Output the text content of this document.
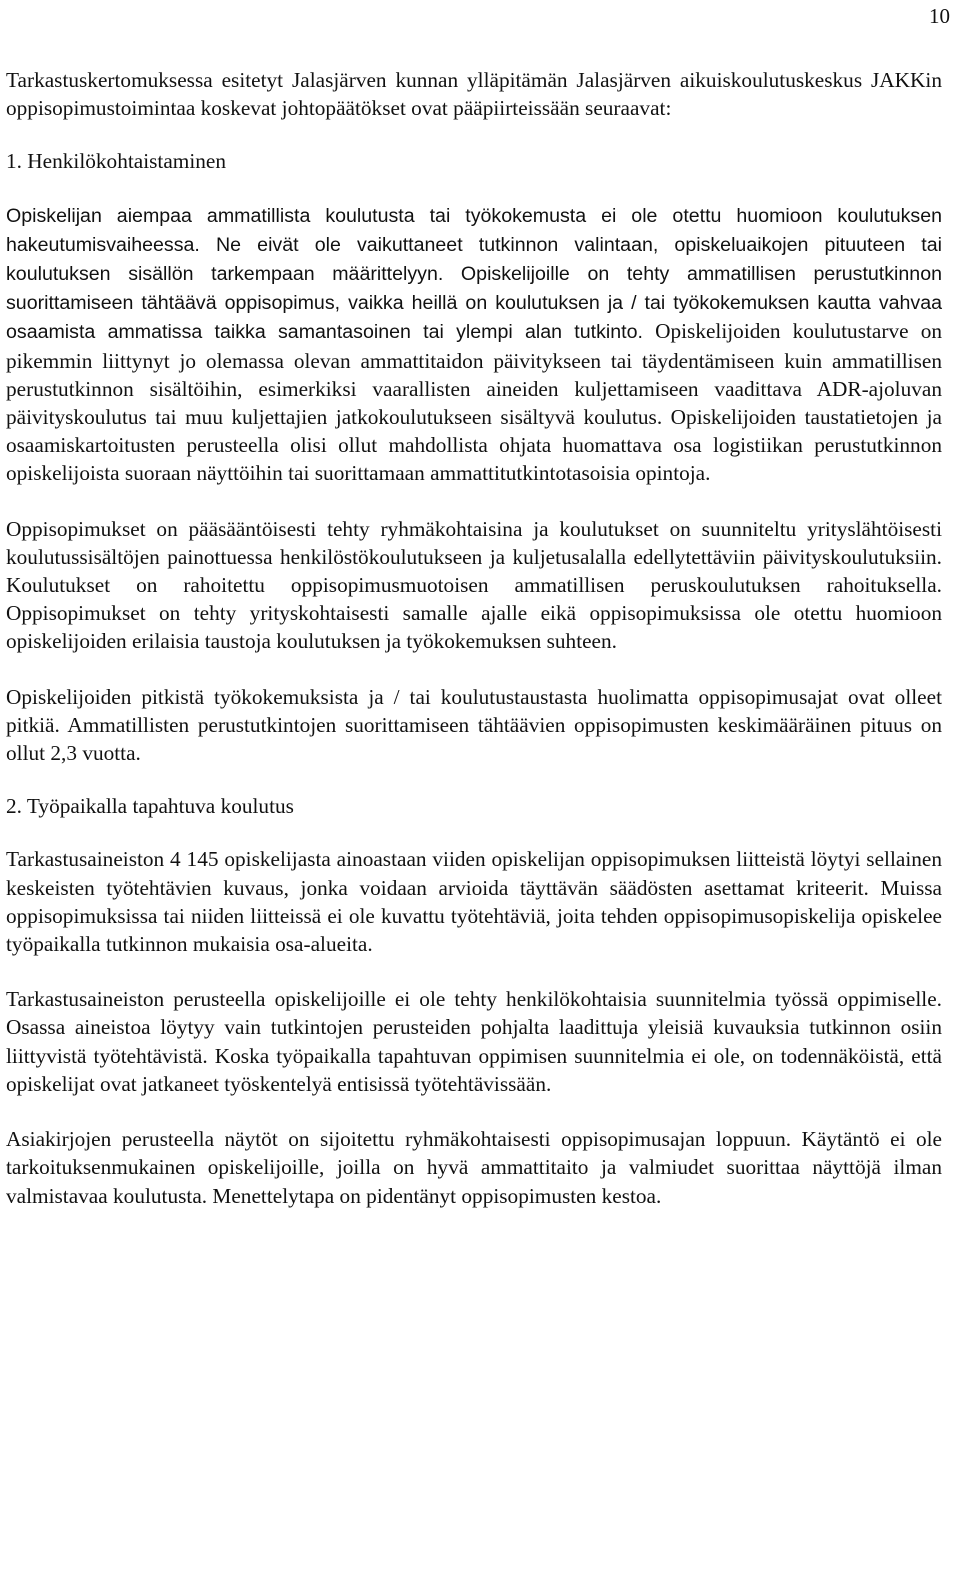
10

Tarkastuskertomuksessa esitetyt Jalasjärven kunnan ylläpitämän Jalasjärven aikuiskoulutuskeskus JAKKin oppisopimustoimintaa koskevat johtopäätökset ovat pääpiirteissään seuraavat:

1. Henkilökohtaistaminen

Opiskelijan aiempaa ammatillista koulutusta tai työkokemusta ei ole otettu huomioon koulutuksen hakeutumisvaiheessa. Ne eivät ole vaikuttaneet tutkinnon valintaan, opiskeluaikojen pituuteen tai koulutuksen sisällön tarkempaan määrittelyyn. Opiskelijoille on tehty ammatillisen perustutkinnon suorittamiseen tähtäävä oppisopimus, vaikka heillä on koulutuksen ja / tai työkokemuksen kautta vahvaa osaamista ammatissa taikka samantasoinen tai ylempi alan tutkinto. Opiskelijoiden koulutustarve on pikemmin liittynyt jo olemassa olevan ammattitaidon päivitykseen tai täydentämiseen kuin ammatillisen perustutkinnon sisältöihin, esimerkiksi vaarallisten aineiden kuljettamiseen vaadittava ADR-ajoluvan päivityskoulutus tai muu kuljettajien jatkokoulutukseen sisältyvä koulutus. Opiskelijoiden taustatietojen ja osaamiskartoitusten perusteella olisi ollut mahdollista ohjata huomattava osa logistiikan perustutkinnon opiskelijoista suoraan näyttöihin tai suorittamaan ammattitutkintotasoisia opintoja.

Oppisopimukset on pääsääntöisesti tehty ryhmäkohtaisina ja koulutukset on suunniteltu yrityslähtöisesti koulutussisältöjen painottuessa henkilöstökoulutukseen ja kuljetusalalla edellytettäviin päivityskoulutuksiin. Koulutukset on rahoitettu oppisopimusmuotoisen ammatillisen peruskoulutuksen rahoituksella. Oppisopimukset on tehty yrityskohtaisesti samalle ajalle eikä oppisopimuksissa ole otettu huomioon opiskelijoiden erilaisia taustoja koulutuksen ja työkokemuksen suhteen.

Opiskelijoiden pitkistä työkokemuksista ja / tai koulutustaustasta huolimatta oppisopimusajat ovat olleet pitkiä. Ammatillisten perustutkintojen suorittamiseen tähtäävien oppisopimusten keskimääräinen pituus on ollut 2,3 vuotta.

2. Työpaikalla tapahtuva koulutus

Tarkastusaineiston 4 145 opiskelijasta ainoastaan viiden opiskelijan oppisopimuksen liitteistä löytyi sellainen keskeisten työtehtävien kuvaus, jonka voidaan arvioida täyttävän säädösten asettamat kriteerit. Muissa oppisopimuksissa tai niiden liitteissä ei ole kuvattu työtehtäviä, joita tehden oppisopimusopiskelija opiskelee työpaikalla tutkinnon mukaisia osa-alueita.

Tarkastusaineiston perusteella opiskelijoille ei ole tehty henkilökohtaisia suunnitelmia työssä oppimiselle. Osassa aineistoa löytyy vain tutkintojen perusteiden pohjalta laadittuja yleisiä kuvauksia tutkinnon osiin liittyvistä työtehtävistä. Koska työpaikalla tapahtuvan oppimisen suunnitelmia ei ole, on todennäköistä, että opiskelijat ovat jatkaneet työskentelyä entisissä työtehtävissään.

Asiakirjojen perusteella näytöt on sijoitettu ryhmäkohtaisesti oppisopimusajan loppuun. Käytäntö ei ole tarkoituksenmukainen opiskelijoille, joilla on hyvä ammattitaito ja valmiudet suorittaa näyttöjä ilman valmistavaa koulutusta. Menettelytapa on pidentänyt oppisopimusten kestoa.
